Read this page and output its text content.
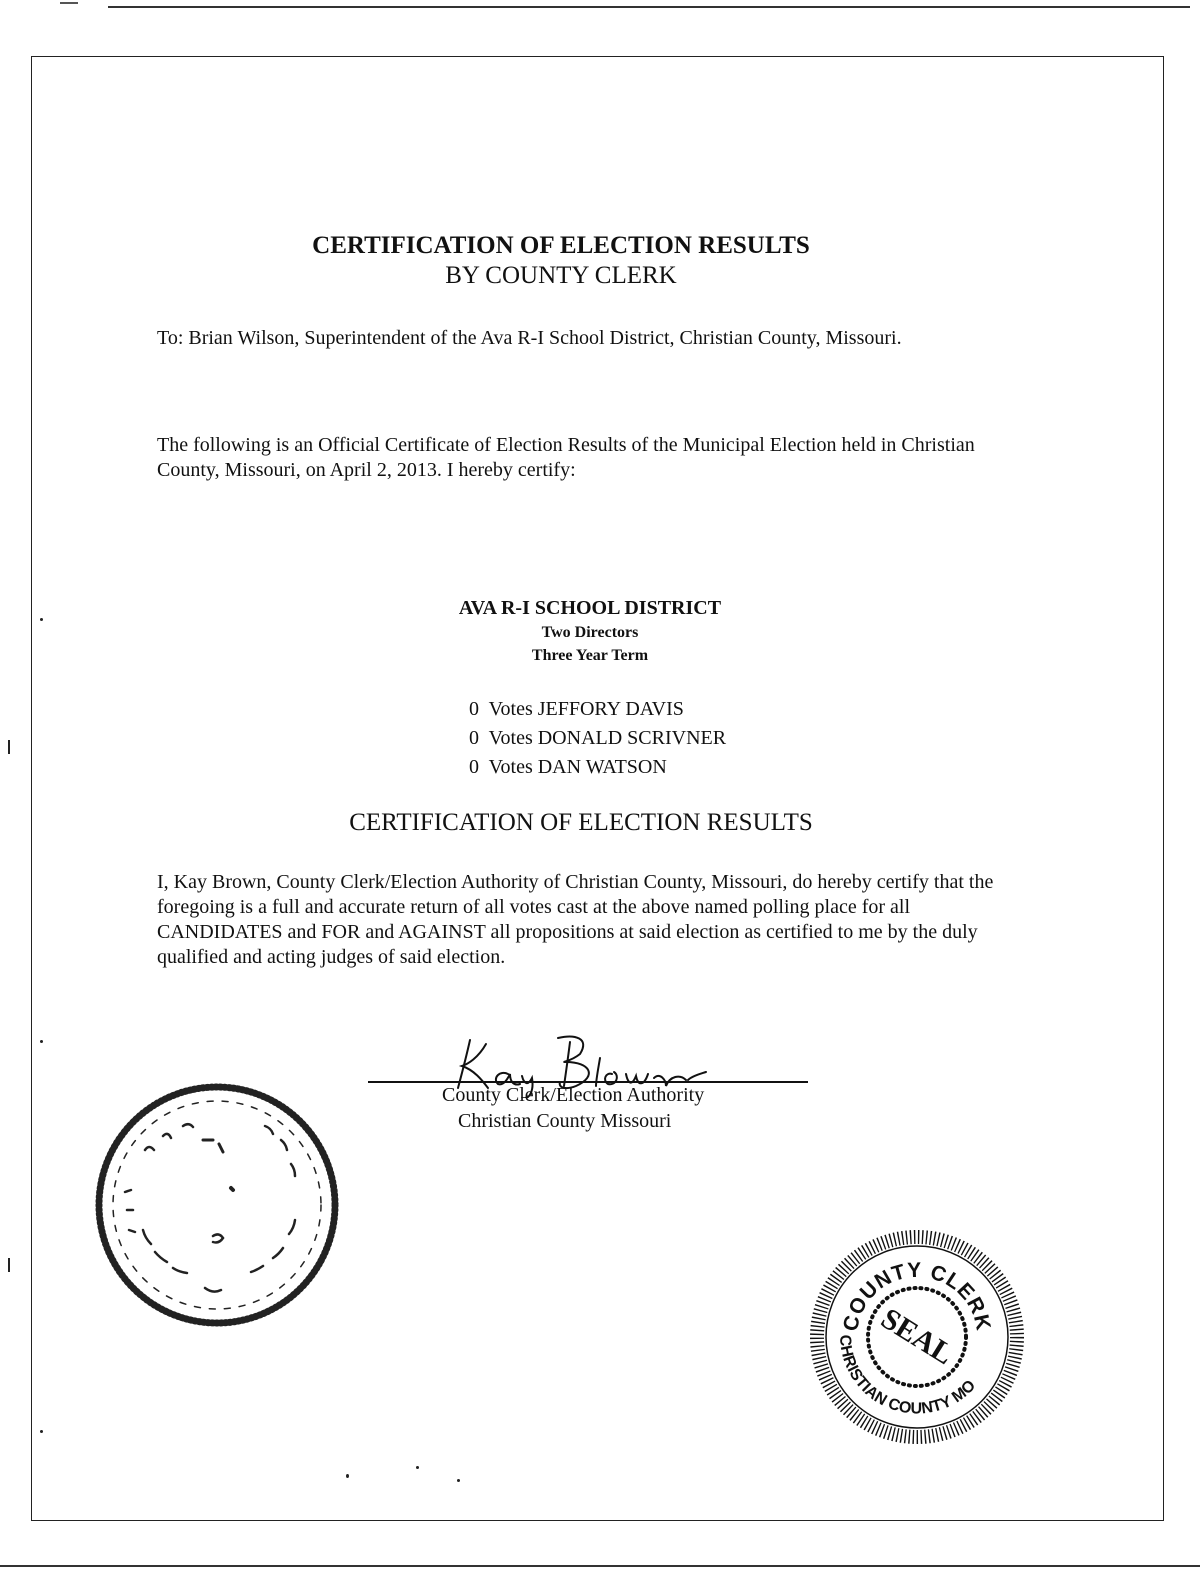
CERTIFICATION OF ELECTION RESULTS
BY COUNTY CLERK
To: Brian Wilson, Superintendent of the Ava R-I School District, Christian County, Missouri.
The following is an Official Certificate of Election Results of the Municipal Election held in Christian County, Missouri, on April 2, 2013. I hereby certify:
AVA R-I SCHOOL DISTRICT
Two Directors
Three Year Term
0 Votes JEFFORY DAVIS
0 Votes DONALD SCRIVNER
0 Votes DAN WATSON
CERTIFICATION OF ELECTION RESULTS
I, Kay Brown, County Clerk/Election Authority of Christian County, Missouri, do hereby certify that the foregoing is a full and accurate return of all votes cast at the above named polling place for all CANDIDATES and FOR and AGAINST all propositions at said election as certified to me by the duly qualified and acting judges of said election.
County Clerk/Election Authority
Christian County Missouri
COUNTY CLERK
CHRISTIAN COUNTY MO
SEAL
